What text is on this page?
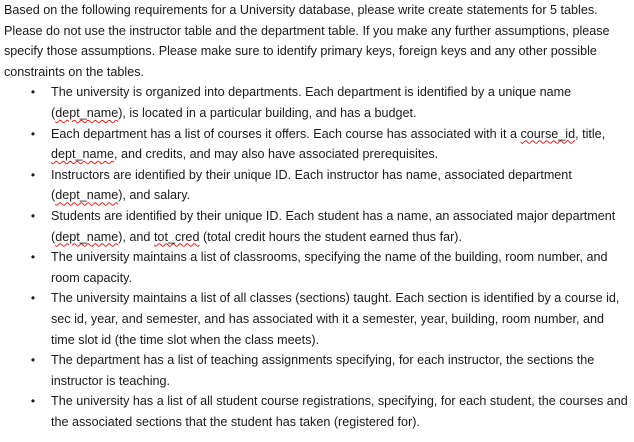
Based on the following requirements for a University database, please write create statements for 5 tables. Please do not use the instructor table and the department table. If you make any further assumptions, please specify those assumptions. Please make sure to identify primary keys, foreign keys and any other possible constraints on the tables.

• The university is organized into departments. Each department is identified by a unique name (dept_name), is located in a particular building, and has a budget.
• Each department has a list of courses it offers. Each course has associated with it a course_id, title, dept_name, and credits, and may also have associated prerequisites.
• Instructors are identified by their unique ID. Each instructor has name, associated department (dept_name), and salary.
• Students are identified by their unique ID. Each student has a name, an associated major department (dept_name), and tot_cred (total credit hours the student earned thus far).
• The university maintains a list of classrooms, specifying the name of the building, room number, and room capacity.
• The university maintains a list of all classes (sections) taught. Each section is identified by a course id, sec id, year, and semester, and has associated with it a semester, year, building, room number, and time slot id (the time slot when the class meets).
• The department has a list of teaching assignments specifying, for each instructor, the sections the instructor is teaching.
• The university has a list of all student course registrations, specifying, for each student, the courses and the associated sections that the student has taken (registered for).
